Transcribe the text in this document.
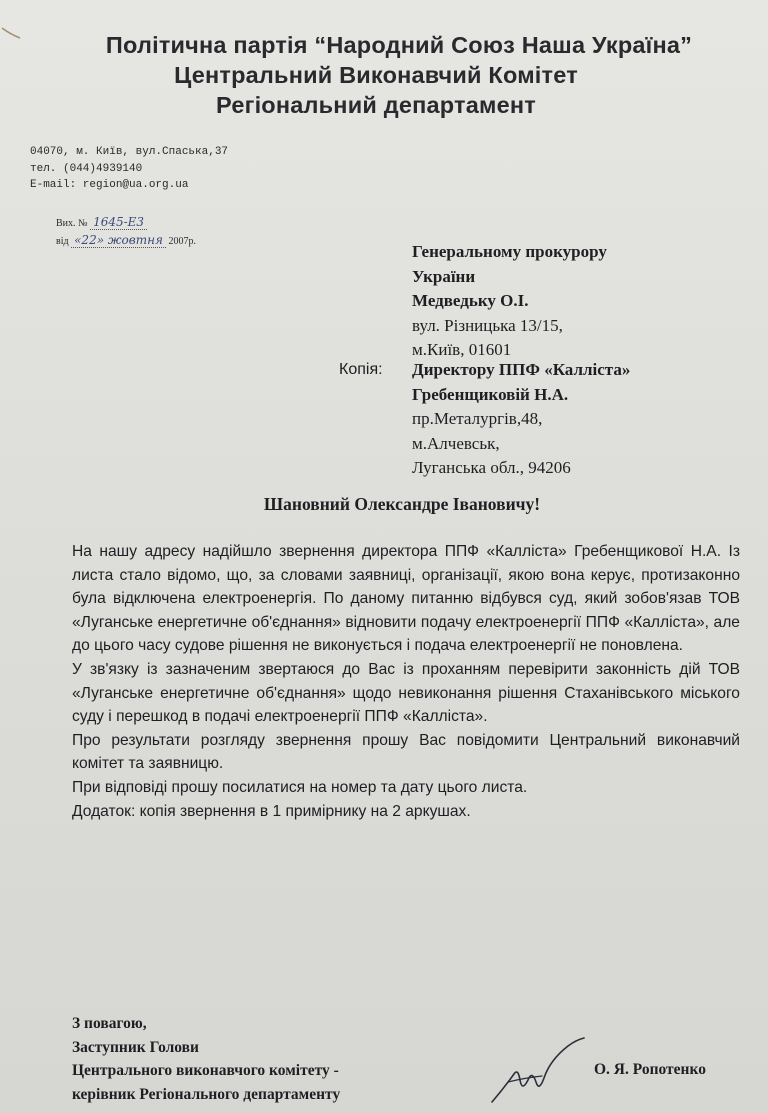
Політична партія “Народний Союз Наша Україна”
Центральний Виконавчий Комітет
Регіональний департамент
04070, м. Київ, вул.Спаська,37
тел. (044)4939140
E-mail: region@ua.org.ua
Вих. № 1645-Е3
від «22» жовтня 2007р.
Генеральному прокурору
України
Медведьку О.І.
вул. Різницька 13/15,
м.Київ, 01601
Копія: Директору ППФ «Калліста»
Гребенщиковій Н.А.
пр.Металургів,48,
м.Алчевськ,
Луганська обл., 94206
Шановний Олександре Івановичу!

На нашу адресу надійшло звернення директора ППФ «Калліста» Гребенщикової Н.А. Із листа стало відомо, що, за словами заявниці, організації, якою вона керує, протизаконно була відключена електроенергія. По даному питанню відбувся суд, який зобов'язав ТОВ «Луганське енергетичне об'єднання» відновити подачу електроенергії ППФ «Калліста», але до цього часу судове рішення не виконується і подача електроенергії не поновлена.

У зв'язку із зазначеним звертаюся до Вас із проханням перевірити законність дій ТОВ «Луганське енергетичне об'єднання» щодо невиконання рішення Стаханівського міського суду і перешкод в подачі електроенергії ППФ «Калліста».

Про результати розгляду звернення прошу Вас повідомити Центральний виконавчий комітет та заявницю.

При відповіді прошу посилатися на номер та дату цього листа.

Додаток: копія звернення в 1 примірнику на 2 аркушах.

З повагою,
Заступник Голови
Центрального виконавчого комітету -
керівник Регіонального департаменту
О. Я. Ропотенко
